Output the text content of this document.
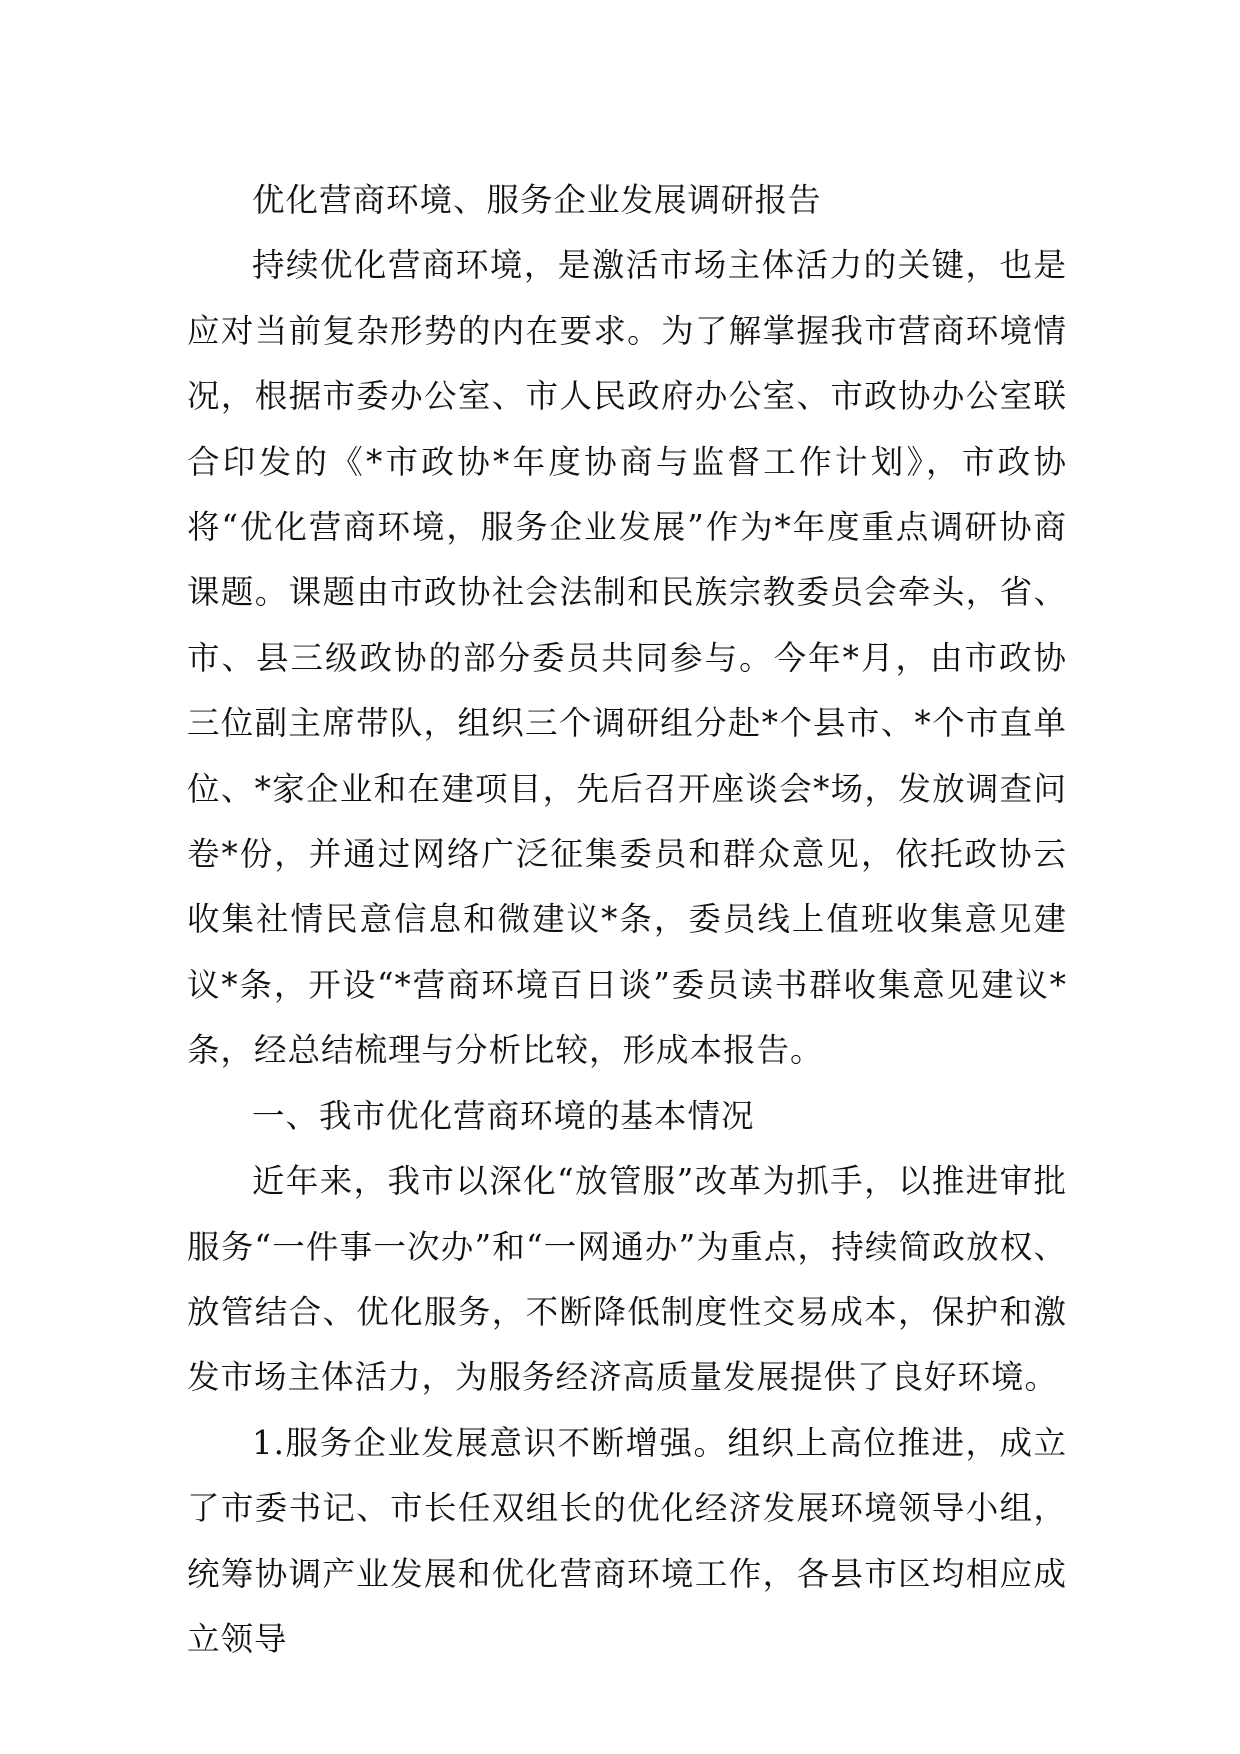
优化营商环境、服务企业发展调研报告

持续优化营商环境，是激活市场主体活力的关键，也是应对当前复杂形势的内在要求。为了解掌握我市营商环境情况，根据市委办公室、市人民政府办公室、市政协办公室联合印发的《*市政协*年度协商与监督工作计划》，市政协将“优化营商环境，服务企业发展”作为*年度重点调研协商课题。课题由市政协社会法制和民族宗教委员会牵头，省、市、县三级政协的部分委员共同参与。今年*月，由市政协三位副主席带队，组织三个调研组分赴*个县市、*个市直单位、*家企业和在建项目，先后召开座谈会*场，发放调查问卷*份，并通过网络广泛征集委员和群众意见，依托政协云收集社情民意信息和微建议*条，委员线上值班收集意见建议*条，开设“*营商环境百日谈”委员读书群收集意见建议*条，经总结梳理与分析比较，形成本报告。

一、我市优化营商环境的基本情况

近年来，我市以深化“放管服”改革为抓手，以推进审批服务“一件事一次办”和“一网通办”为重点，持续简政放权、放管结合、优化服务，不断降低制度性交易成本，保护和激发市场主体活力，为服务经济高质量发展提供了良好环境。

1.服务企业发展意识不断增强。组织上高位推进，成立了市委书记、市长任双组长的优化经济发展环境领导小组，统筹协调产业发展和优化营商环境工作，各县市区均相应成立领导
